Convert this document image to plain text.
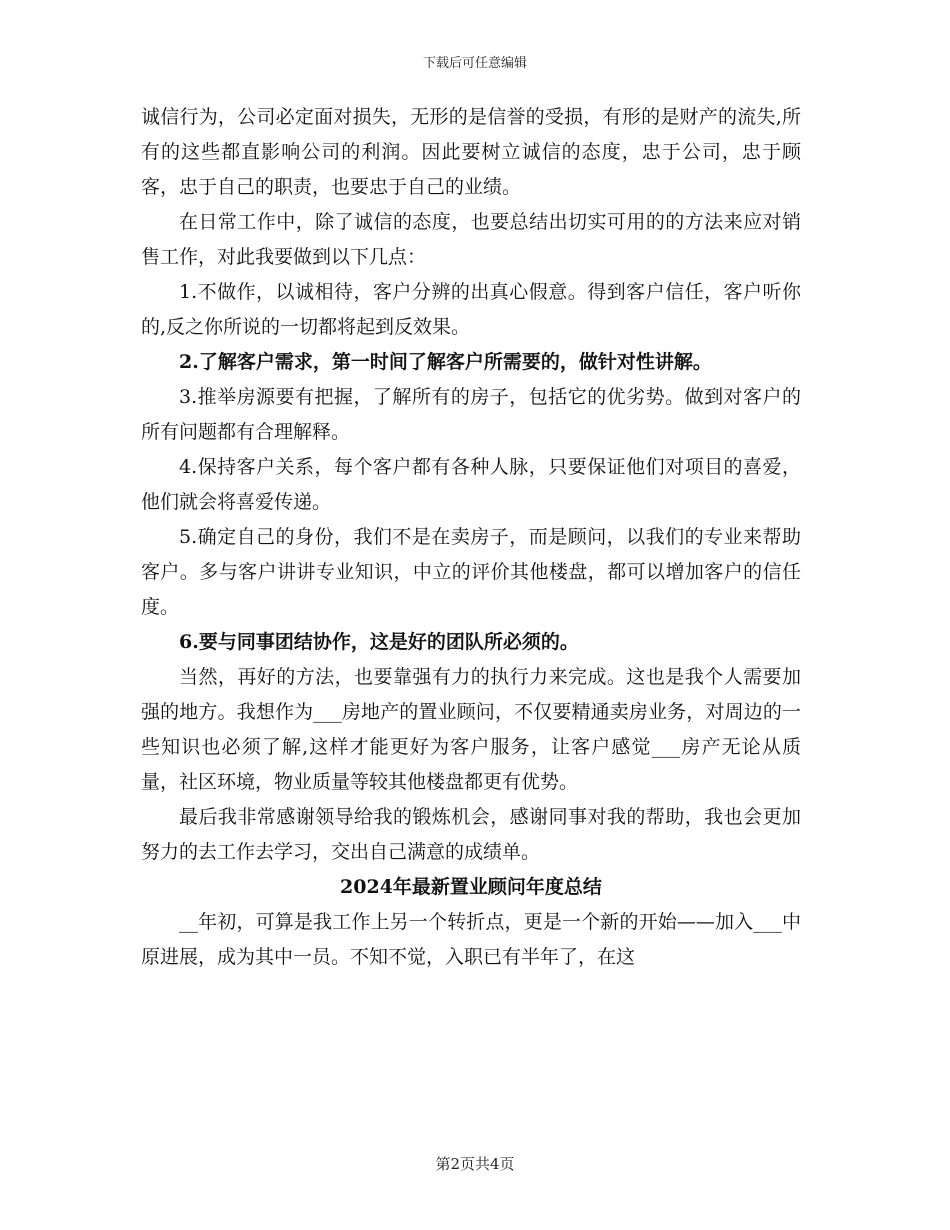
下载后可任意编辑

诚信行为，公司必定面对损失，无形的是信誉的受损，有形的是财产的流失,所有的这些都直影响公司的利润。因此要树立诚信的态度，忠于公司，忠于顾客，忠于自己的职责，也要忠于自己的业绩。

在日常工作中，除了诚信的态度，也要总结出切实可用的的方法来应对销售工作，对此我要做到以下几点：

1.不做作，以诚相待，客户分辨的出真心假意。得到客户信任，客户听你的,反之你所说的一切都将起到反效果。

2.了解客户需求，第一时间了解客户所需要的，做针对性讲解。

3.推举房源要有把握，了解所有的房子，包括它的优劣势。做到对客户的所有问题都有合理解释。

4.保持客户关系，每个客户都有各种人脉，只要保证他们对项目的喜爱，他们就会将喜爱传递。

5.确定自己的身份，我们不是在卖房子，而是顾问，以我们的专业来帮助客户。多与客户讲讲专业知识，中立的评价其他楼盘，都可以增加客户的信任度。

6.要与同事团结协作，这是好的团队所必须的。

当然，再好的方法，也要靠强有力的执行力来完成。这也是我个人需要加强的地方。我想作为___房地产的置业顾问，不仅要精通卖房业务，对周边的一些知识也必须了解,这样才能更好为客户服务，让客户感觉___房产无论从质量，社区环境，物业质量等较其他楼盘都更有优势。

最后我非常感谢领导给我的锻炼机会，感谢同事对我的帮助，我也会更加努力的去工作去学习，交出自己满意的成绩单。

2024年最新置业顾问年度总结

__年初，可算是我工作上另一个转折点，更是一个新的开始——加入___中原进展，成为其中一员。不知不觉，入职已有半年了，在这

第2页共4页
